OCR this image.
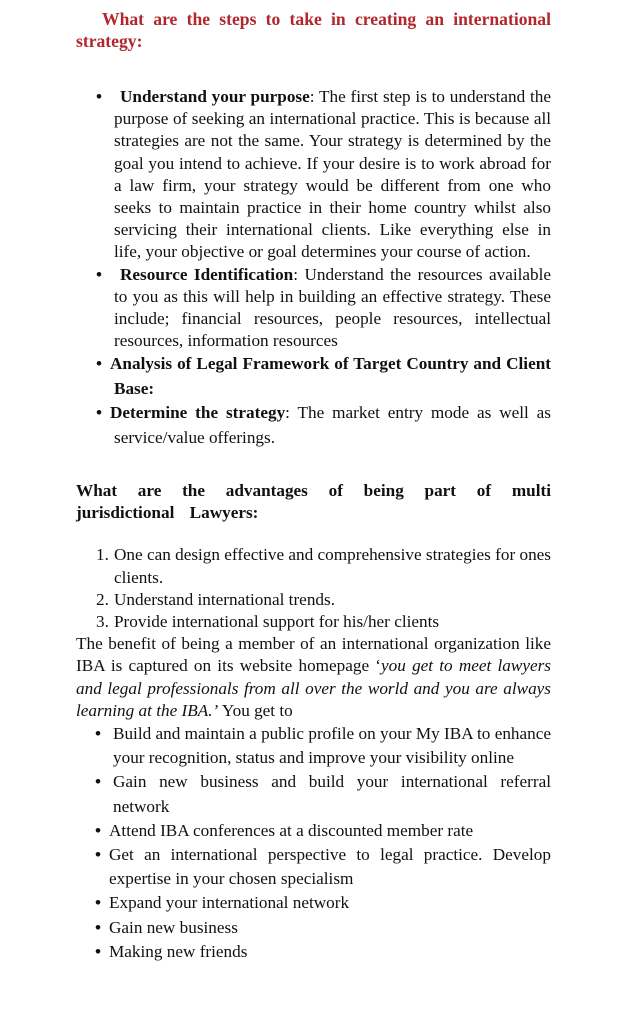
What are the steps to take in creating an international strategy:

• Understand your purpose: The first step is to understand the purpose of seeking an international practice. This is because all strategies are not the same. Your strategy is determined by the goal you intend to achieve. If your desire is to work abroad for a law firm, your strategy would be different from one who seeks to maintain practice in their home country whilst also servicing their international clients. Like everything else in life, your objective or goal determines your course of action.
• Resource Identification: Understand the resources available to you as this will help in building an effective strategy. These include; financial resources, people resources, intellectual resources, information resources
• Analysis of Legal Framework of Target Country and Client Base:
• Determine the strategy: The market entry mode as well as service/value offerings.

What are the advantages of being part of multi jurisdictional Lawyers:

1. One can design effective and comprehensive strategies for ones clients.
2. Understand international trends.
3. Provide international support for his/her clients

The benefit of being a member of an international organization like IBA is captured on its website homepage ‘you get to meet lawyers and legal professionals from all over the world and you are always learning at the IBA.’ You get to

• Build and maintain a public profile on your My IBA to enhance your recognition, status and improve your visibility online
• Gain new business and build your international referral network
• Attend IBA conferences at a discounted member rate
• Get an international perspective to legal practice. Develop expertise in your chosen specialism
• Expand your international network
• Gain new business
• Making new friends
